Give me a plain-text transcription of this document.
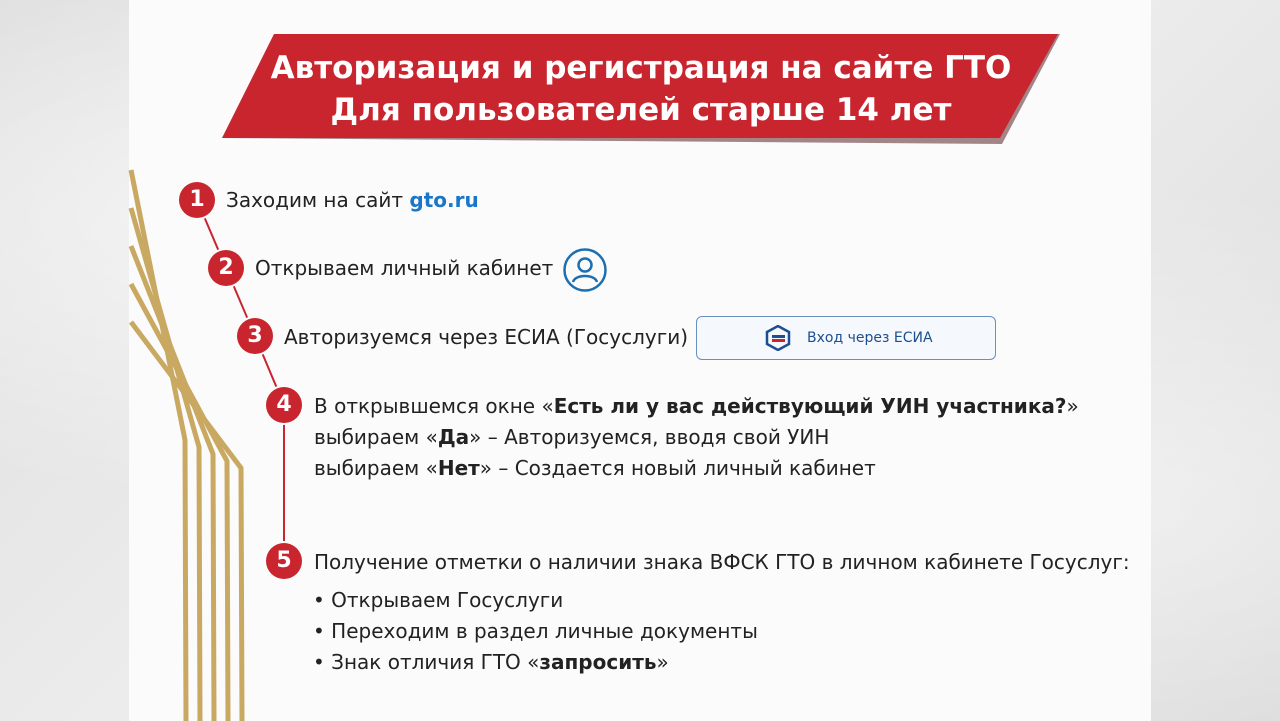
Авторизация и регистрация на сайте ГТО
Для пользователей старше 14 лет
1	Заходим на сайт gto.ru
2	Открываем личный кабинет
3	Авторизуемся через ЕСИА (Госуслуги)	Вход через ЕСИА
4	В открывшемся окне «Есть ли у вас действующий УИН участника?»
выбираем «Да» – Авторизуемся, вводя свой УИН
выбираем «Нет» – Создается новый личный кабинет
5	Получение отметки о наличии знака ВФСК ГТО в личном кабинете Госуслуг:
• Открываем Госуслуги
• Переходим в раздел личные документы
• Знак отличия ГТО «запросить»
